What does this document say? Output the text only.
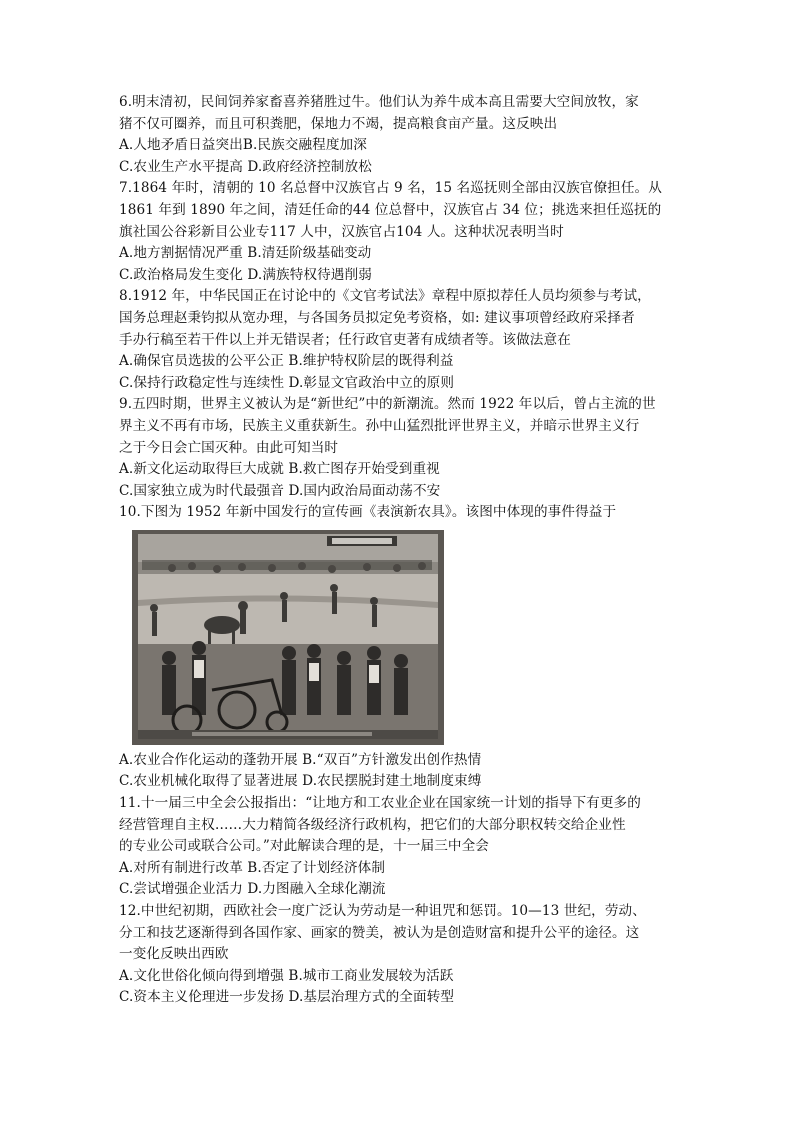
6.明末清初，民间饲养家畜喜养猪胜过牛。他们认为养牛成本高且需要大空间放牧，家
猪不仅可圈养，而且可积粪肥，保地力不竭，提高粮食亩产量。这反映出
A.人地矛盾日益突出B.民族交融程度加深
C.农业生产水平提高 D.政府经济控制放松
7.1864 年时，清朝的 10 名总督中汉族官占 9 名，15 名巡抚则全部由汉族官僚担任。从
1861 年到 1890 年之间，清廷任命的44 位总督中，汉族官占 34 位；挑选来担任巡抚的
旗社国公谷彩新目公业专117 人中，汉族官占104 人。这种状况表明当时
A.地方割据情况严重 B.清廷阶级基础变动
C.政治格局发生变化 D.满族特权待遇削弱
8.1912 年，中华民国正在讨论中的《文官考试法》章程中原拟荐任人员均须参与考试，
国务总理赵秉钧拟从宽办理，与各国务员拟定免考资格，如: 建议事项曾经政府采择者
手办行稿至若干件以上并无错误者；任行政官吏著有成绩者等。该做法意在
A.确保官员选拔的公平公正 B.维护特权阶层的既得利益
C.保持行政稳定性与连续性 D.彰显文官政治中立的原则
9.五四时期，世界主义被认为是“新世纪”中的新潮流。然而 1922 年以后，曾占主流的世
界主义不再有市场，民族主义重获新生。孙中山猛烈批评世界主义，并暗示世界主义行
之于今日会亡国灭种。由此可知当时
A.新文化运动取得巨大成就 B.救亡图存开始受到重视
C.国家独立成为时代最强音 D.国内政治局面动荡不安
10.下图为 1952 年新中国发行的宣传画《表演新农具》。该图中体现的事件得益于
A.农业合作化运动的蓬勃开展 B.“双百”方针激发出创作热情
C.农业机械化取得了显著进展 D.农民摆脱封建土地制度束缚
11.十一届三中全会公报指出：“让地方和工农业企业在国家统一计划的指导下有更多的
经营管理自主权……大力精简各级经济行政机构，把它们的大部分职权转交给企业性
的专业公司或联合公司。”对此解读合理的是，十一届三中全会
A.对所有制进行改革 B.否定了计划经济体制
C.尝试增强企业活力 D.力图融入全球化潮流
12.中世纪初期，西欧社会一度广泛认为劳动是一种诅咒和惩罚。10—13 世纪，劳动、
分工和技艺逐渐得到各国作家、画家的赞美，被认为是创造财富和提升公平的途径。这
一变化反映出西欧
A.文化世俗化倾向得到增强 B.城市工商业发展较为活跃
C.资本主义伦理进一步发扬 D.基层治理方式的全面转型
